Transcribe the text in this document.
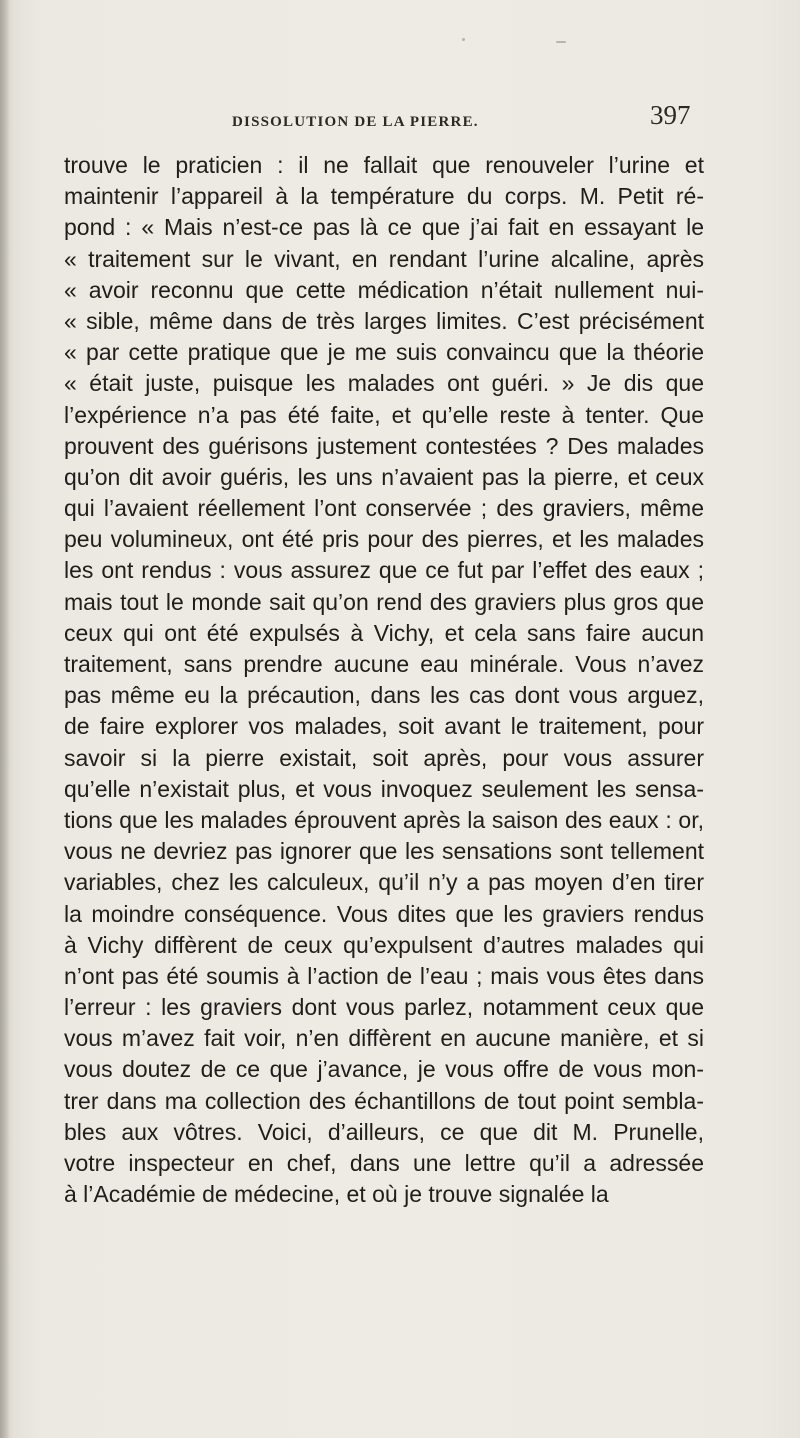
DISSOLUTION DE LA PIERRE.	397
trouve le praticien : il ne fallait que renouveler l’urine et
maintenir l’appareil à la température du corps. M. Petit ré-
pond : « Mais n’est-ce pas là ce que j’ai fait en essayant le
« traitement sur le vivant, en rendant l’urine alcaline, après
« avoir reconnu que cette médication n’était nullement nui-
« sible, même dans de très larges limites. C’est précisément
« par cette pratique que je me suis convaincu que la théorie
« était juste, puisque les malades ont guéri. » Je dis que
l’expérience n’a pas été faite, et qu’elle reste à tenter. Que
prouvent des guérisons justement contestées ? Des malades
qu’on dit avoir guéris, les uns n’avaient pas la pierre, et ceux
qui l’avaient réellement l’ont conservée ; des graviers, même
peu volumineux, ont été pris pour des pierres, et les malades
les ont rendus : vous assurez que ce fut par l’effet des eaux ;
mais tout le monde sait qu’on rend des graviers plus gros que
ceux qui ont été expulsés à Vichy, et cela sans faire aucun
traitement, sans prendre aucune eau minérale. Vous n’avez
pas même eu la précaution, dans les cas dont vous arguez,
de faire explorer vos malades, soit avant le traitement, pour
savoir si la pierre existait, soit après, pour vous assurer
qu’elle n’existait plus, et vous invoquez seulement les sensa-
tions que les malades éprouvent après la saison des eaux : or,
vous ne devriez pas ignorer que les sensations sont tellement
variables, chez les calculeux, qu’il n’y a pas moyen d’en tirer
la moindre conséquence. Vous dites que les graviers rendus
à Vichy diffèrent de ceux qu’expulsent d’autres malades qui
n’ont pas été soumis à l’action de l’eau ; mais vous êtes dans
l’erreur : les graviers dont vous parlez, notamment ceux que
vous m’avez fait voir, n’en diffèrent en aucune manière, et si
vous doutez de ce que j’avance, je vous offre de vous mon-
trer dans ma collection des échantillons de tout point sembla-
bles aux vôtres. Voici, d’ailleurs, ce que dit M. Prunelle,
votre inspecteur en chef, dans une lettre qu’il a adressée
à l’Académie de médecine, et où je trouve signalée la
